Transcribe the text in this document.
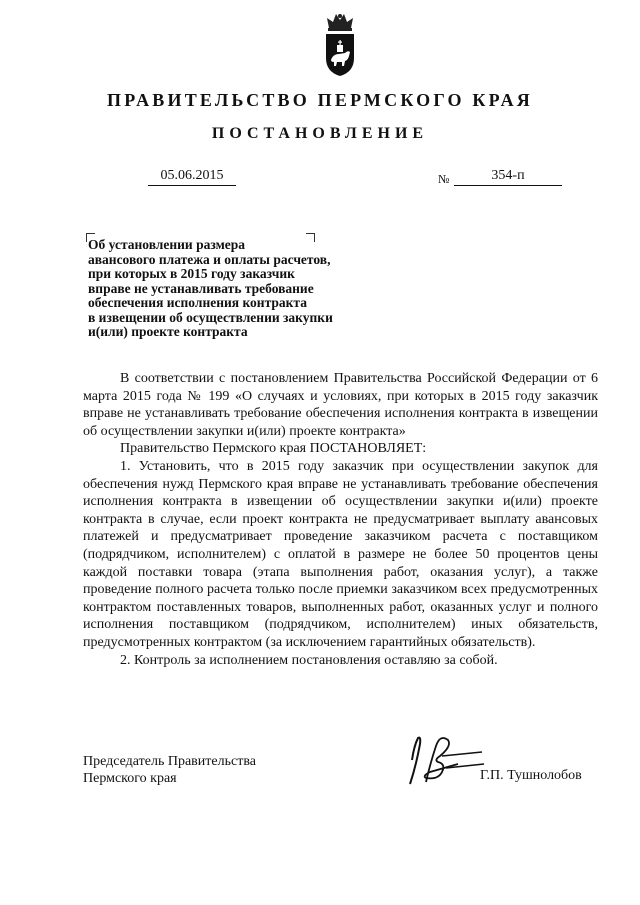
ПРАВИТЕЛЬСТВО ПЕРМСКОГО КРАЯ
ПОСТАНОВЛЕНИЕ
05.06.2015	№	354-п
Об установлении размера
авансового платежа и оплаты расчетов,
при которых в 2015 году заказчик
вправе не устанавливать требование
обеспечения исполнения контракта
в извещении об осуществлении закупки
и(или) проекте контракта

В соответствии с постановлением Правительства Российской Федерации от 6 марта 2015 года № 199 «О случаях и условиях, при которых в 2015 году заказчик вправе не устанавливать требование обеспечения исполнения контракта в извещении об осуществлении закупки и(или) проекте контракта»

Правительство Пермского края ПОСТАНОВЛЯЕТ:

1. Установить, что в 2015 году заказчик при осуществлении закупок для обеспечения нужд Пермского края вправе не устанавливать требование обеспечения исполнения контракта в извещении об осуществлении закупки и(или) проекте контракта в случае, если проект контракта не предусматривает выплату авансовых платежей и предусматривает проведение заказчиком расчета с поставщиком (подрядчиком, исполнителем) с оплатой в размере не более 50 процентов цены каждой поставки товара (этапа выполнения работ, оказания услуг), а также проведение полного расчета только после приемки заказчиком всех предусмотренных контрактом поставленных товаров, выполненных работ, оказанных услуг и полного исполнения поставщиком (подрядчиком, исполнителем) иных обязательств, предусмотренных контрактом (за исключением гарантийных обязательств).

2. Контроль за исполнением постановления оставляю за собой.

Председатель Правительства
Пермского края	Г.П. Тушнолобов
